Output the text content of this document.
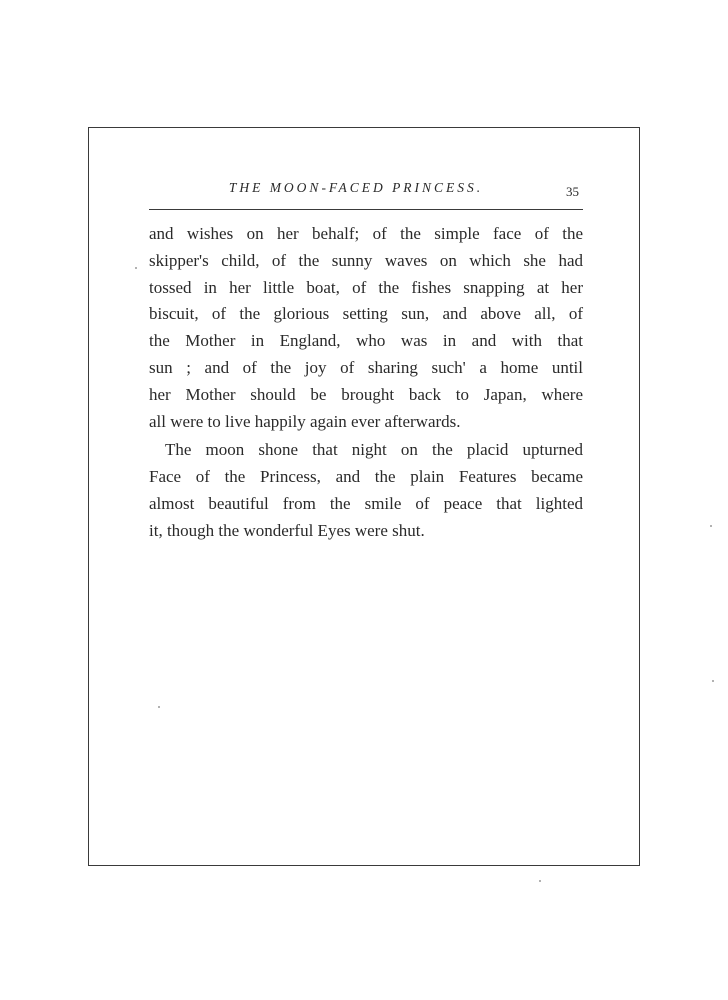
THE MOON-FACED PRINCESS.	35
and wishes on her behalf; of the simple face of the
skipper's child, of the sunny waves on which she had
tossed in her little boat, of the fishes snapping at her
biscuit, of the glorious setting sun, and above all, of
the Mother in England, who was in and with that
sun ; and of the joy of sharing such' a home until
her Mother should be brought back to Japan, where
all were to live happily again ever afterwards.
The moon shone that night on the placid upturned
Face of the Princess, and the plain Features became
almost beautiful from the smile of peace that lighted
it, though the wonderful Eyes were shut.
